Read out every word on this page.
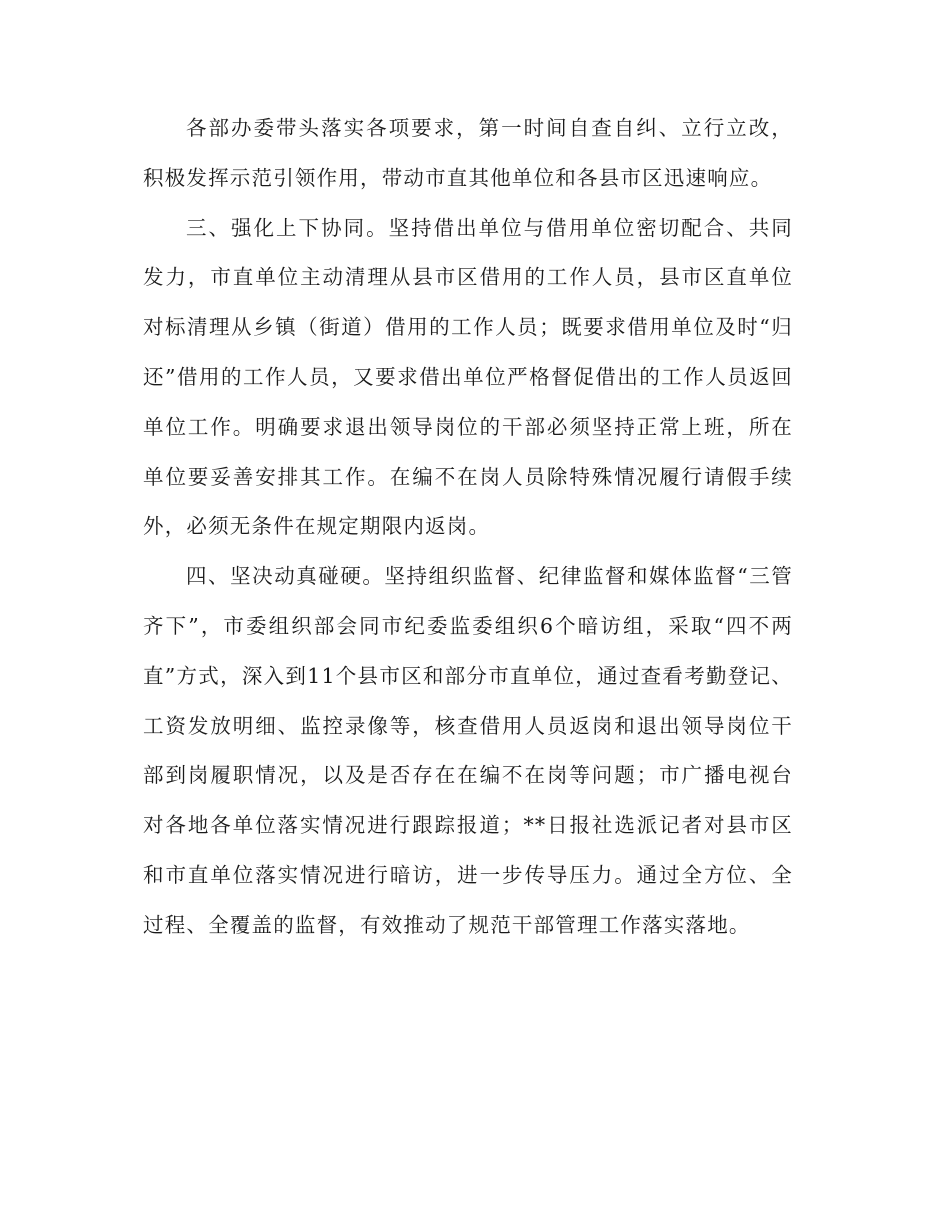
各部办委带头落实各项要求，第一时间自查自纠、立行立改，积极发挥示范引领作用，带动市直其他单位和各县市区迅速响应。

三、强化上下协同。坚持借出单位与借用单位密切配合、共同发力，市直单位主动清理从县市区借用的工作人员，县市区直单位对标清理从乡镇（街道）借用的工作人员；既要求借用单位及时“归还”借用的工作人员，又要求借出单位严格督促借出的工作人员返回单位工作。明确要求退出领导岗位的干部必须坚持正常上班，所在单位要妥善安排其工作。在编不在岗人员除特殊情况履行请假手续外，必须无条件在规定期限内返岗。

四、坚决动真碰硬。坚持组织监督、纪律监督和媒体监督“三管齐下”，市委组织部会同市纪委监委组织6个暗访组，采取“四不两直”方式，深入到11个县市区和部分市直单位，通过查看考勤登记、工资发放明细、监控录像等，核查借用人员返岗和退出领导岗位干部到岗履职情况，以及是否存在在编不在岗等问题；市广播电视台对各地各单位落实情况进行跟踪报道；**日报社选派记者对县市区和市直单位落实情况进行暗访，进一步传导压力。通过全方位、全过程、全覆盖的监督，有效推动了规范干部管理工作落实落地。
